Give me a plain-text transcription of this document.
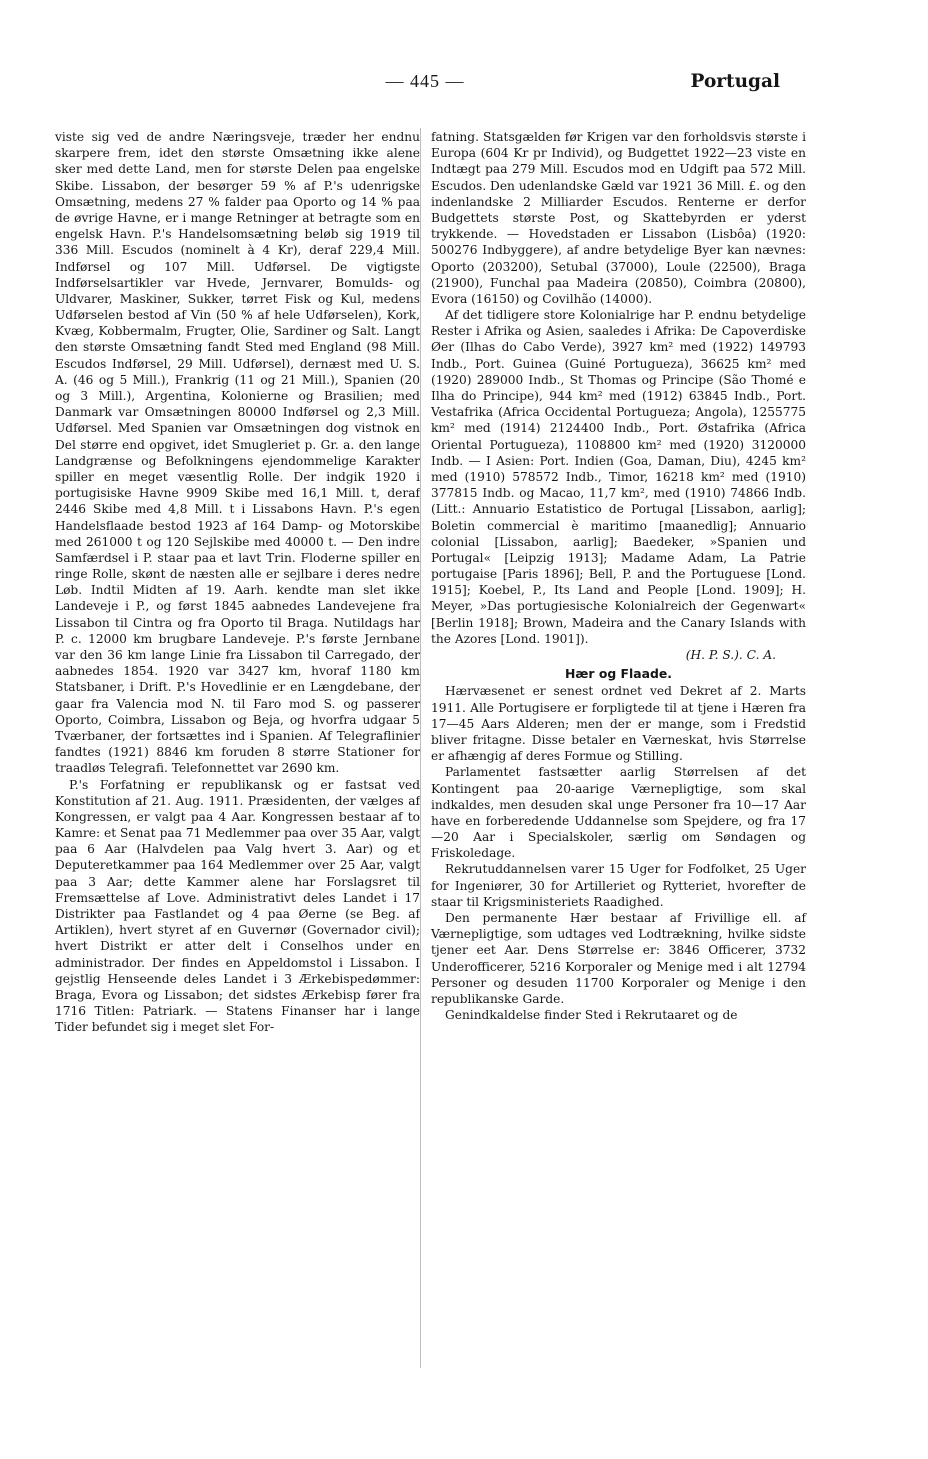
— 445 —	Portugal

viste sig ved de andre Næringsveje, træder her endnu skarpere frem, idet den største Omsætning ikke alene sker med dette Land, men for største Delen paa engelske Skibe. Lissabon, der besørger 59 % af P.'s udenrigske Omsætning, medens 27 % falder paa Oporto og 14 % paa de øvrige Havne, er i mange Retninger at betragte som en engelsk Havn. P.'s Handelsomsætning beløb sig 1919 til 336 Mill. Escudos (nominelt à 4 Kr), deraf 229,4 Mill. Indførsel og 107 Mill. Udførsel. De vigtigste Indførselsartikler var Hvede, Jernvarer, Bomulds- og Uldvarer, Maskiner, Sukker, tørret Fisk og Kul, medens Udførselen bestod af Vin (50 % af hele Udførselen), Kork, Kvæg, Kobbermalm, Frugter, Olie, Sardiner og Salt. Langt den største Omsætning fandt Sted med England (98 Mill. Escudos Indførsel, 29 Mill. Udførsel), dernæst med U. S. A. (46 og 5 Mill.), Frankrig (11 og 21 Mill.), Spanien (20 og 3 Mill.), Argentina, Kolonierne og Brasilien; med Danmark var Omsætningen 80000 Indførsel og 2,3 Mill. Udførsel. Med Spanien var Omsætningen dog vistnok en Del større end opgivet, idet Smugleriet p. Gr. a. den lange Landgrænse og Befolkningens ejendommelige Karakter spiller en meget væsentlig Rolle. Der indgik 1920 i portugisiske Havne 9909 Skibe med 16,1 Mill. t, deraf 2446 Skibe med 4,8 Mill. t i Lissabons Havn. P.'s egen Handelsflaade bestod 1923 af 164 Damp- og Motorskibe med 261000 t og 120 Sejlskibe med 40000 t. — Den indre Samfærdsel i P. staar paa et lavt Trin. Floderne spiller en ringe Rolle, skønt de næsten alle er sejlbare i deres nedre Løb. Indtil Midten af 19. Aarh. kendte man slet ikke Landeveje i P., og først 1845 aabnedes Landevejene fra Lissabon til Cintra og fra Oporto til Braga. Nutildags har P. c. 12000 km brugbare Landeveje. P.'s første Jernbane var den 36 km lange Linie fra Lissabon til Carregado, der aabnedes 1854. 1920 var 3427 km, hvoraf 1180 km Statsbaner, i Drift. P.'s Hovedlinie er en Længdebane, der gaar fra Valencia mod N. til Faro mod S. og passerer Oporto, Coimbra, Lissabon og Beja, og hvorfra udgaar 5 Tværbaner, der fortsættes ind i Spanien. Af Telegraflinier fandtes (1921) 8846 km foruden 8 større Stationer for traadløs Telegrafi. Telefonnettet var 2690 km.

P.'s Forfatning er republikansk og er fastsat ved Konstitution af 21. Aug. 1911. Præsidenten, der vælges af Kongressen, er valgt paa 4 Aar. Kongressen bestaar af to Kamre: et Senat paa 71 Medlemmer paa over 35 Aar, valgt paa 6 Aar (Halvdelen paa Valg hvert 3. Aar) og et Deputeretkammer paa 164 Medlemmer over 25 Aar, valgt paa 3 Aar; dette Kammer alene har Forslagsret til Fremsættelse af Love. Administrativt deles Landet i 17 Distrikter paa Fastlandet og 4 paa Øerne (se Beg. af Artiklen), hvert styret af en Guvernør (Governador civil); hvert Distrikt er atter delt i Conselhos under en administrador. Der findes en Appeldomstol i Lissabon. I gejstlig Henseende deles Landet i 3 Ærkebispedømmer: Braga, Evora og Lissabon; det sidstes Ærkebisp fører fra 1716 Titlen: Patriark. — Statens Finanser har i lange Tider befundet sig i meget slet For-

fatning. Statsgælden før Krigen var den forholdsvis største i Europa (604 Kr pr Individ), og Budgettet 1922—23 viste en Indtægt paa 279 Mill. Escudos mod en Udgift paa 572 Mill. Escudos. Den udenlandske Gæld var 1921 36 Mill. £. og den indenlandske 2 Milliarder Escudos. Renterne er derfor Budgettets største Post, og Skattebyrden er yderst trykkende. — Hovedstaden er Lissabon (Lisbôa) (1920: 500276 Indbyggere), af andre betydelige Byer kan nævnes: Oporto (203200), Setubal (37000), Loule (22500), Braga (21900), Funchal paa Madeira (20850), Coimbra (20800), Evora (16150) og Covilhão (14000).

Af det tidligere store Kolonialrige har P. endnu betydelige Rester i Afrika og Asien, saaledes i Afrika: De Capoverdiske Øer (Ilhas do Cabo Verde), 3927 km² med (1922) 149793 Indb., Port. Guinea (Guiné Portugueza), 36625 km² med (1920) 289000 Indb., St Thomas og Principe (São Thomé e Ilha do Principe), 944 km² med (1912) 63845 Indb., Port. Vestafrika (Africa Occidental Portugueza; Angola), 1255775 km² med (1914) 2124400 Indb., Port. Østafrika (Africa Oriental Portugueza), 1108800 km² med (1920) 3120000 Indb. — I Asien: Port. Indien (Goa, Daman, Diu), 4245 km² med (1910) 578572 Indb., Timor, 16218 km² med (1910) 377815 Indb. og Macao, 11,7 km², med (1910) 74866 Indb. (Litt.: Annuario Estatistico de Portugal [Lissabon, aarlig]; Boletin commercial è maritimo [maanedlig]; Annuario colonial [Lissabon, aarlig]; Baedeker, »Spanien und Portugal« [Leipzig 1913]; Madame Adam, La Patrie portugaise [Paris 1896]; Bell, P. and the Portuguese [Lond. 1915]; Koebel, P., Its Land and People [Lond. 1909]; H. Meyer, »Das portugiesische Kolonialreich der Gegenwart« [Berlin 1918]; Brown, Madeira and the Canary Islands with the Azores [Lond. 1901]).

(H. P. S.). C. A.

Hær og Flaade.

Hærvæsenet er senest ordnet ved Dekret af 2. Marts 1911. Alle Portugisere er forpligtede til at tjene i Hæren fra 17—45 Aars Alderen; men der er mange, som i Fredstid bliver fritagne. Disse betaler en Værneskat, hvis Størrelse er afhængig af deres Formue og Stilling.

Parlamentet fastsætter aarlig Størrelsen af det Kontingent paa 20-aarige Værnepligtige, som skal indkaldes, men desuden skal unge Personer fra 10—17 Aar have en forberedende Uddannelse som Spejdere, og fra 17—20 Aar i Specialskoler, særlig om Søndagen og Friskoledage.

Rekrutuddannelsen varer 15 Uger for Fodfolket, 25 Uger for Ingeniører, 30 for Artilleriet og Rytteriet, hvorefter de staar til Krigsministeriets Raadighed.

Den permanente Hær bestaar af Frivillige ell. af Værnepligtige, som udtages ved Lodtrækning, hvilke sidste tjener eet Aar. Dens Størrelse er: 3846 Officerer, 3732 Underofficerer, 5216 Korporaler og Menige med i alt 12794 Personer og desuden 11700 Korporaler og Menige i den republikanske Garde.

Genindkaldelse finder Sted i Rekrutaaret og de
